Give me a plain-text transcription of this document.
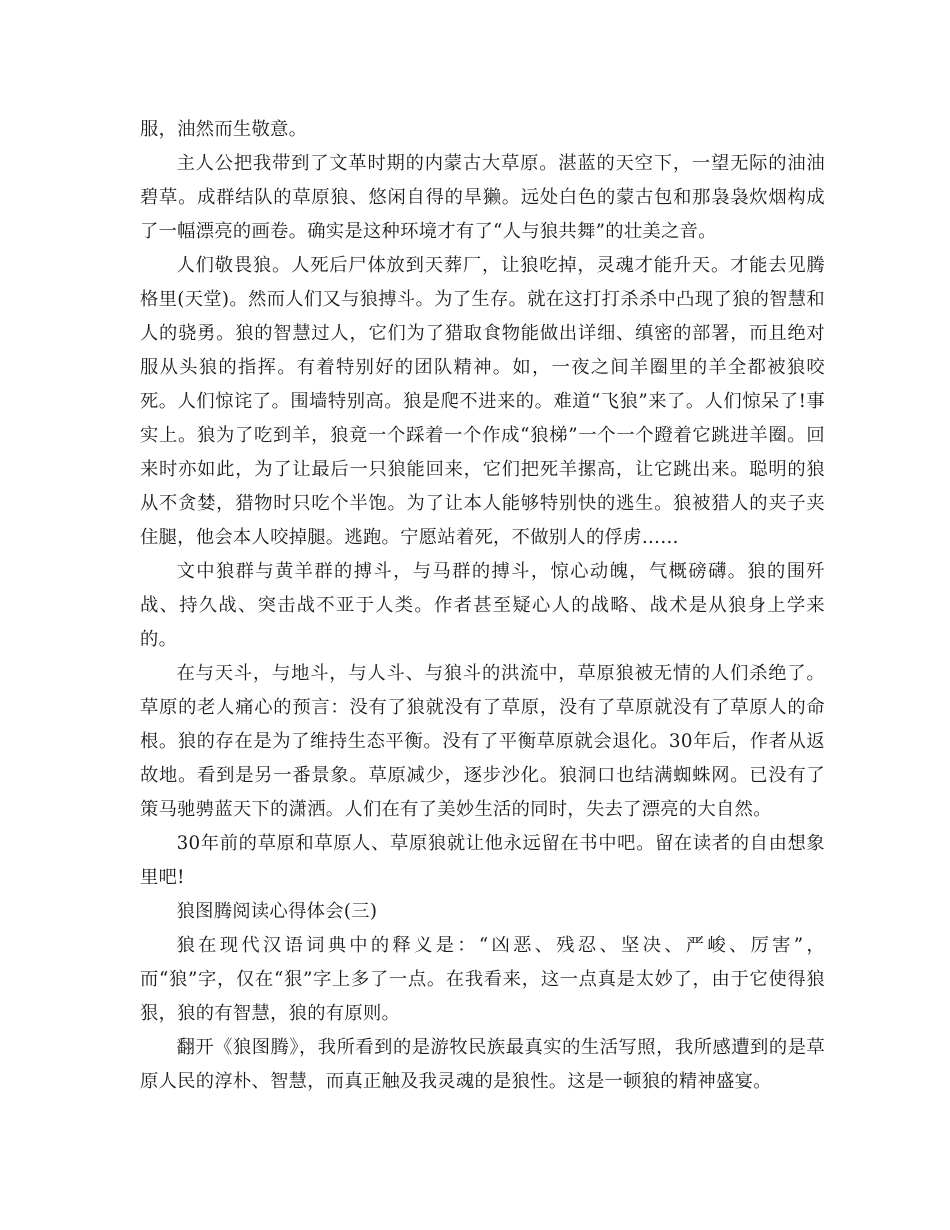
服，油然而生敬意。

主人公把我带到了文革时期的内蒙古大草原。湛蓝的天空下，一望无际的油油碧草。成群结队的草原狼、悠闲自得的旱獭。远处白色的蒙古包和那袅袅炊烟构成了一幅漂亮的画卷。确实是这种环境才有了“人与狼共舞”的壮美之音。

人们敬畏狼。人死后尸体放到天葬厂，让狼吃掉，灵魂才能升天。才能去见腾格里(天堂)。然而人们又与狼搏斗。为了生存。就在这打打杀杀中凸现了狼的智慧和人的骁勇。狼的智慧过人，它们为了猎取食物能做出详细、缜密的部署，而且绝对服从头狼的指挥。有着特别好的团队精神。如，一夜之间羊圈里的羊全都被狼咬死。人们惊诧了。围墙特别高。狼是爬不进来的。难道“飞狼”来了。人们惊呆了!事实上。狼为了吃到羊，狼竟一个踩着一个作成“狼梯”一个一个蹬着它跳进羊圈。回来时亦如此，为了让最后一只狼能回来，它们把死羊摞高，让它跳出来。聪明的狼从不贪婪，猎物时只吃个半饱。为了让本人能够特别快的逃生。狼被猎人的夹子夹住腿，他会本人咬掉腿。逃跑。宁愿站着死，不做别人的俘虏……

文中狼群与黄羊群的搏斗，与马群的搏斗，惊心动魄，气概磅礴。狼的围歼战、持久战、突击战不亚于人类。作者甚至疑心人的战略、战术是从狼身上学来的。

在与天斗，与地斗，与人斗、与狼斗的洪流中，草原狼被无情的人们杀绝了。草原的老人痛心的预言：没有了狼就没有了草原，没有了草原就没有了草原人的命根。狼的存在是为了维持生态平衡。没有了平衡草原就会退化。30年后，作者从返故地。看到是另一番景象。草原减少，逐步沙化。狼洞口也结满蜘蛛网。已没有了策马驰骋蓝天下的潇洒。人们在有了美妙生活的同时，失去了漂亮的大自然。

30年前的草原和草原人、草原狼就让他永远留在书中吧。留在读者的自由想象里吧!

狼图腾阅读心得体会(三)

狼在现代汉语词典中的释义是：“凶恶、残忍、坚决、严峻、厉害”，而“狼”字，仅在“狠”字上多了一点。在我看来，这一点真是太妙了，由于它使得狼狠，狼的有智慧，狼的有原则。

翻开《狼图腾》，我所看到的是游牧民族最真实的生活写照，我所感遭到的是草原人民的淳朴、智慧，而真正触及我灵魂的是狼性。这是一顿狼的精神盛宴。
